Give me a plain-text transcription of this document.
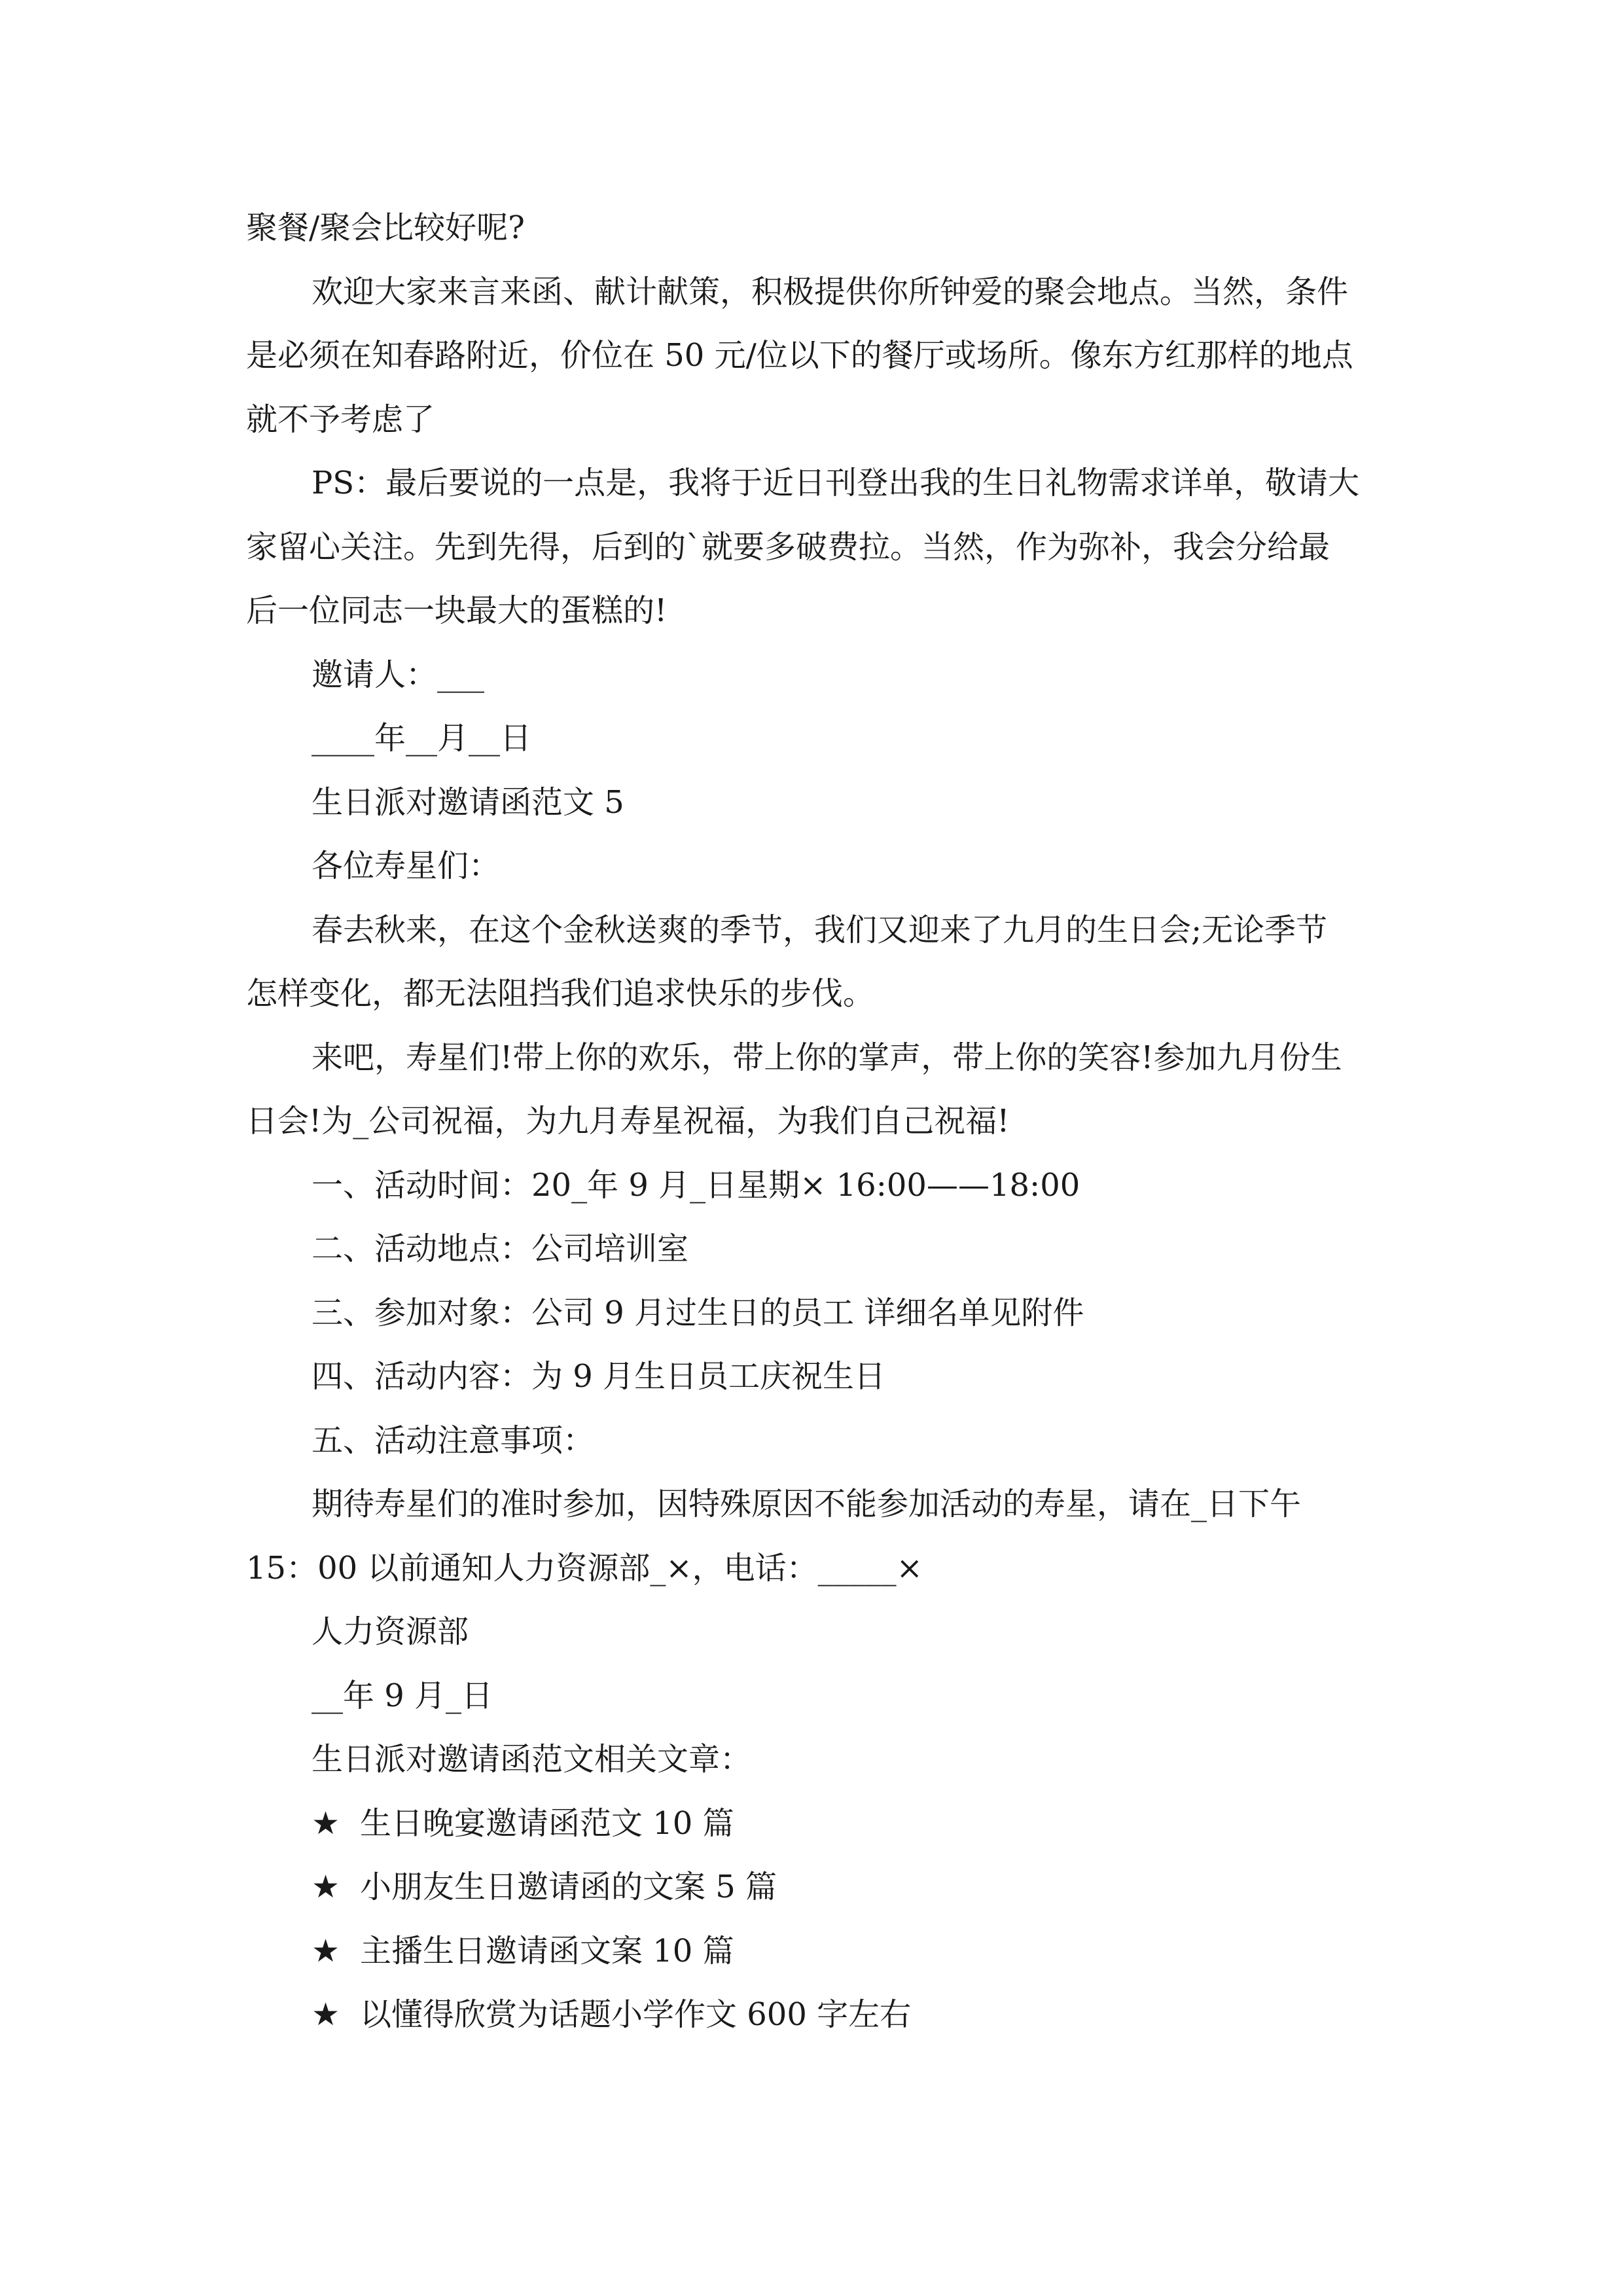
聚餐/聚会比较好呢?

欢迎大家来言来函、献计献策，积极提供你所钟爱的聚会地点。当然，条件

是必须在知春路附近，价位在 50 元/位以下的餐厅或场所。像东方红那样的地点

就不予考虑了

PS：最后要说的一点是，我将于近日刊登出我的生日礼物需求详单，敬请大

家留心关注。先到先得，后到的`就要多破费拉。当然，作为弥补，我会分给最

后一位同志一块最大的蛋糕的!

邀请人：___

____年__月__日

生日派对邀请函范文 5

各位寿星们：

春去秋来，在这个金秋送爽的季节，我们又迎来了九月的生日会;无论季节

怎样变化，都无法阻挡我们追求快乐的步伐。

来吧，寿星们!带上你的欢乐，带上你的掌声，带上你的笑容!参加九月份生

日会!为_公司祝福，为九月寿星祝福，为我们自己祝福!

一、活动时间：20_年 9 月_日星期× 16:00——18:00

二、活动地点：公司培训室

三、参加对象：公司 9 月过生日的员工 详细名单见附件

四、活动内容：为 9 月生日员工庆祝生日

五、活动注意事项：

期待寿星们的准时参加，因特殊原因不能参加活动的寿星，请在_日下午

15：00 以前通知人力资源部_×，电话：_____×

人力资源部

__年 9 月_日

生日派对邀请函范文相关文章：

★ 生日晚宴邀请函范文 10 篇

★ 小朋友生日邀请函的文案 5 篇

★ 主播生日邀请函文案 10 篇

★ 以懂得欣赏为话题小学作文 600 字左右
